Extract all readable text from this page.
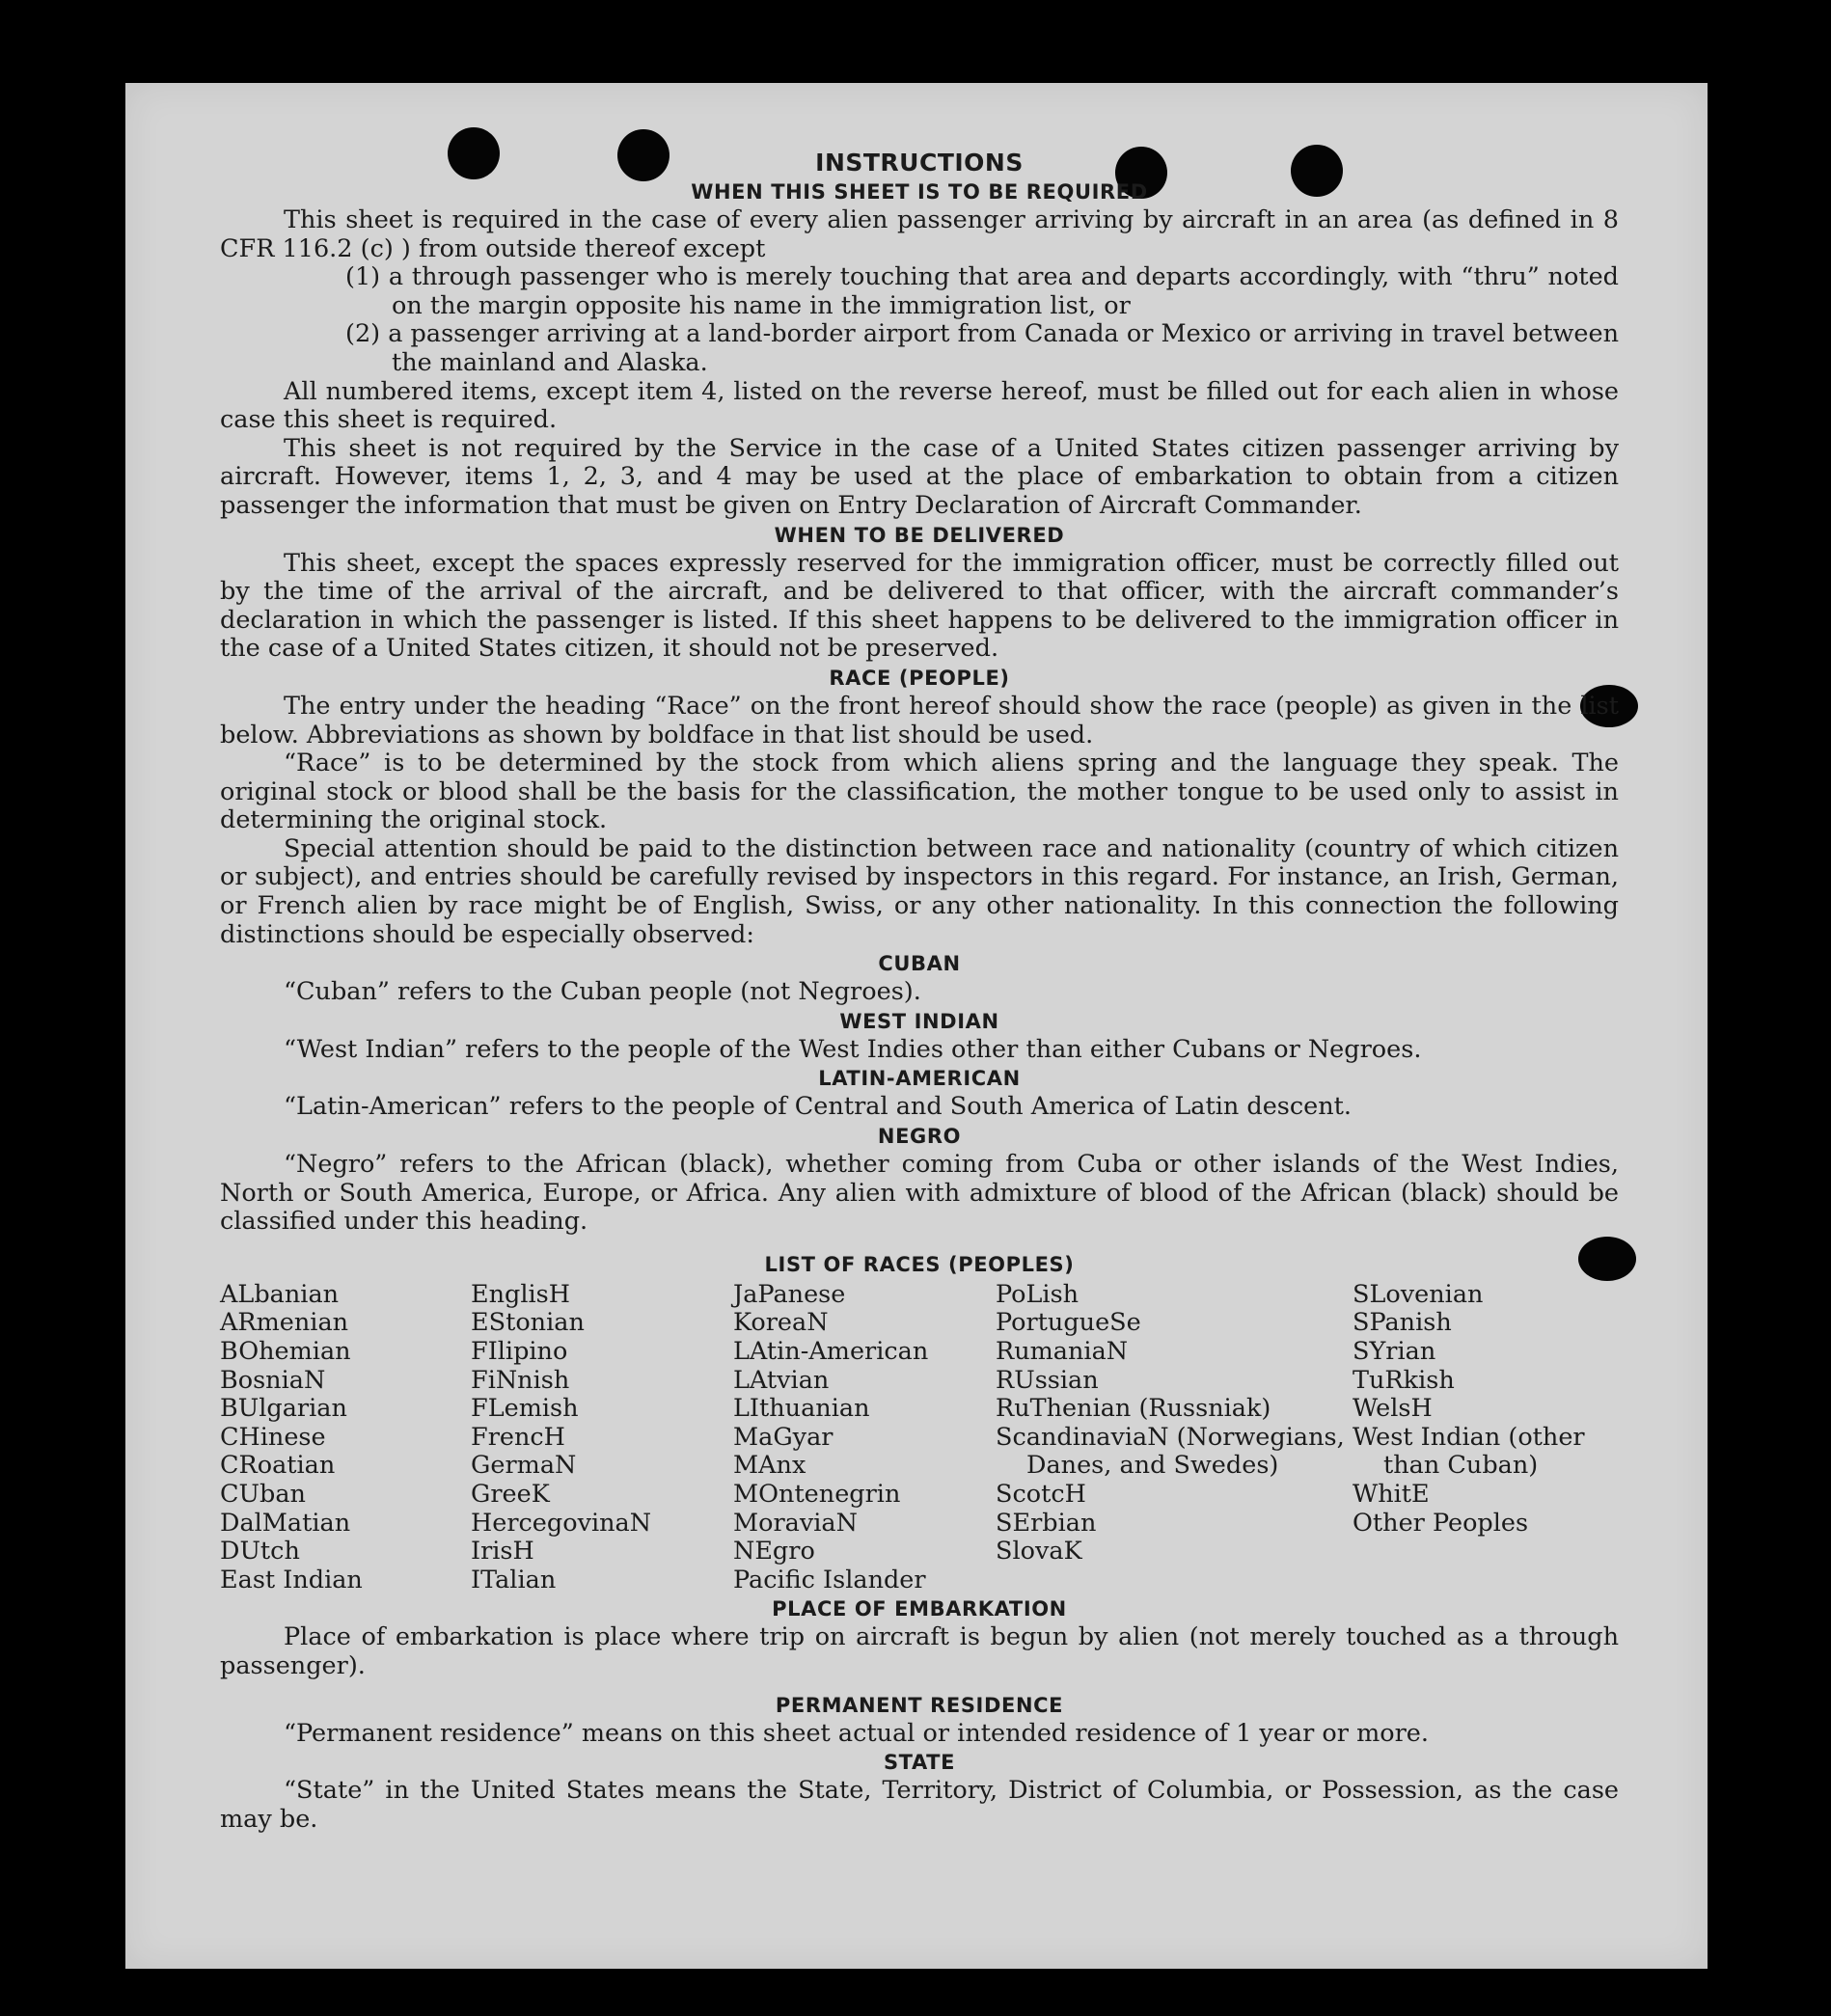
INSTRUCTIONS
WHEN THIS SHEET IS TO BE REQUIRED

This sheet is required in the case of every alien passenger arriving by aircraft in an area (as defined in 8 CFR 116.2 (c) ) from outside thereof except

(1) a through passenger who is merely touching that area and departs accordingly, with “thru” noted on the margin opposite his name in the immigration list, or
(2) a passenger arriving at a land-border airport from Canada or Mexico or arriving in travel between the mainland and Alaska.

All numbered items, except item 4, listed on the reverse hereof, must be filled out for each alien in whose case this sheet is required.

This sheet is not required by the Service in the case of a United States citizen passenger arriving by aircraft. However, items 1, 2, 3, and 4 may be used at the place of embarkation to obtain from a citizen passenger the information that must be given on Entry Declaration of Aircraft Commander.

WHEN TO BE DELIVERED

This sheet, except the spaces expressly reserved for the immigration officer, must be correctly filled out by the time of the arrival of the aircraft, and be delivered to that officer, with the aircraft commander’s declaration in which the passenger is listed. If this sheet happens to be delivered to the immigration officer in the case of a United States citizen, it should not be preserved.

RACE (PEOPLE)

The entry under the heading “Race” on the front hereof should show the race (people) as given in the list below. Abbreviations as shown by boldface in that list should be used.

“Race” is to be determined by the stock from which aliens spring and the language they speak. The original stock or blood shall be the basis for the classification, the mother tongue to be used only to assist in determining the original stock.

Special attention should be paid to the distinction between race and nationality (country of which citizen or subject), and entries should be carefully revised by inspectors in this regard. For instance, an Irish, German, or French alien by race might be of English, Swiss, or any other nationality. In this connection the following distinctions should be especially observed:

CUBAN

“Cuban” refers to the Cuban people (not Negroes).

WEST INDIAN

“West Indian” refers to the people of the West Indies other than either Cubans or Negroes.

LATIN-AMERICAN

“Latin-American” refers to the people of Central and South America of Latin descent.

NEGRO

“Negro” refers to the African (black), whether coming from Cuba or other islands of the West Indies, North or South America, Europe, or Africa. Any alien with admixture of blood of the African (black) should be classified under this heading.

LIST OF RACES (PEOPLES)
ALbanian
ARmenian
BOhemian
BosniaN
BUlgarian
CHinese
CRoatian
CUban
DalMatian
DUtch
East Indian
EnglisH
EStonian
FIlipino
FiNnish
FLemish
FrencH
GermaN
GreeK
HercegovinaN
IrisH
ITalian
JaPanese
KoreaN
LAtin-American
LAtvian
LIthuanian
MaGyar
MAnx
MOntenegrin
MoraviaN
NEgro
Pacific Islander
PoLish
PortugueSe
RumaniaN
RUssian
RuThenian (Russniak)
ScandinaviaN (Norwegians, Danes, and Swedes)
ScotcH
SErbian
SlovaK
SLovenian
SPanish
SYrian
TuRkish
WelsH
West Indian (other than Cuban)
WhitE
Other Peoples
PLACE OF EMBARKATION

Place of embarkation is place where trip on aircraft is begun by alien (not merely touched as a through passenger).

PERMANENT RESIDENCE

“Permanent residence” means on this sheet actual or intended residence of 1 year or more.

STATE

“State” in the United States means the State, Territory, District of Columbia, or Possession, as the case may be.
